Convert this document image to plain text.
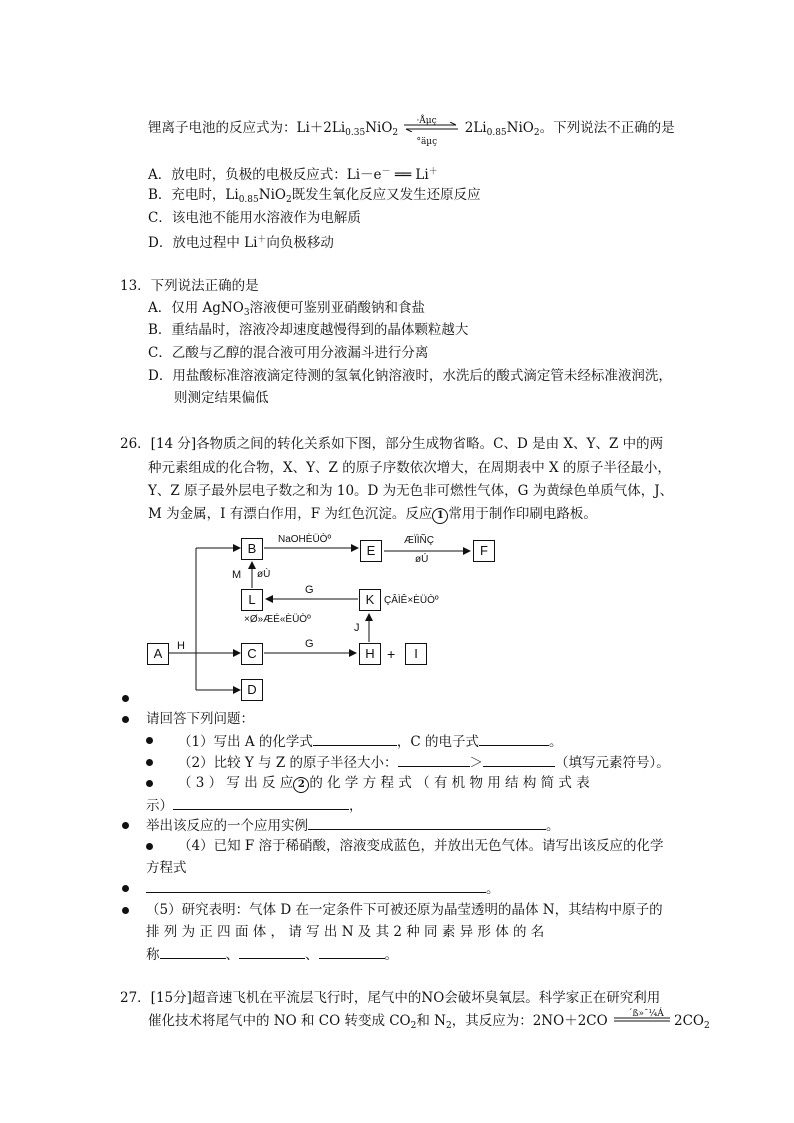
锂离子电池的反应式为：$Li+2Li_{0.35}NiO_2$
·Åµç
°äµç
$2Li_{0.85}NiO_2$。下列说法不正确的是
A．放电时，负极的电极反应式：Li－e－ ══ Li＋
B．充电时，$Li_{0.85}NiO_2$既发生氧化反应又发生还原反应
C．该电池不能用水溶液作为电解质
D．放电过程中 Li＋向负极移动
13．下列说法正确的是
A．仅用 AgNO$_3$溶液便可鉴别亚硝酸钠和食盐
B．重结晶时，溶液冷却速度越慢得到的晶体颗粒越大
C．乙酸与乙醇的混合液可用分液漏斗进行分离
D．用盐酸标准溶液滴定待测的氢氧化钠溶液时，水洗后的酸式滴定管未经标准液润洗，
则测定结果偏低
26．[14 分]各物质之间的转化关系如下图，部分生成物省略。C、D 是由 X、Y、Z 中的两
种元素组成的化合物，X、Y、Z 的原子序数依次增大，在周期表中 X 的原子半径最小，
Y、Z 原子最外层电子数之和为 10。D 为无色非可燃性气体，G 为黄绿色单质气体，J、
M 为金属，I 有漂白作用，F 为红色沉淀。反应 1 常用于制作印刷电路板。
A
B
L
C
D
E	F
K
H	I
+
H
NaOHÈÜÒº	ÆÏÌÑÇ
øÚ
M øÙ
G
ÇÂÌÊ×ÈÜÒº
×Ø»ÆÉ«ÈÜÒº
J
G
请回答下列问题：
（1）写出 A 的化学式	，C 的电子式	。
（2）比较 Y 与 Z 的原子半径大小：	＞	（填写元素符号）。
（ 3 ） 写 出 反 应 2 的 化 学 方 程 式 （ 有 机 物 用 结 构 简 式 表
示）	，
举出该反应的一个应用实例	。
（4）已知 F 溶于稀硝酸，溶液变成蓝色，并放出无色气体。请写出该反应的化学
方程式
。
（5）研究表明：气体 D 在一定条件下可被还原为晶莹透明的晶体 N，其结构中原子的
排 列 为 正 四 面 体 ， 请 写 出 N 及 其 2 种 同 素 异 形 体 的 名
称	、	、	。
27．[15分]超音速飞机在平流层飞行时，尾气中的NO会破坏臭氧层。科学家正在研究利用
催化技术将尾气中的 NO 和 CO 转变成 $CO_2$和 $N_2$，其反应为：2NO＋2CO ´ß»¯¼Á $2CO_2$
